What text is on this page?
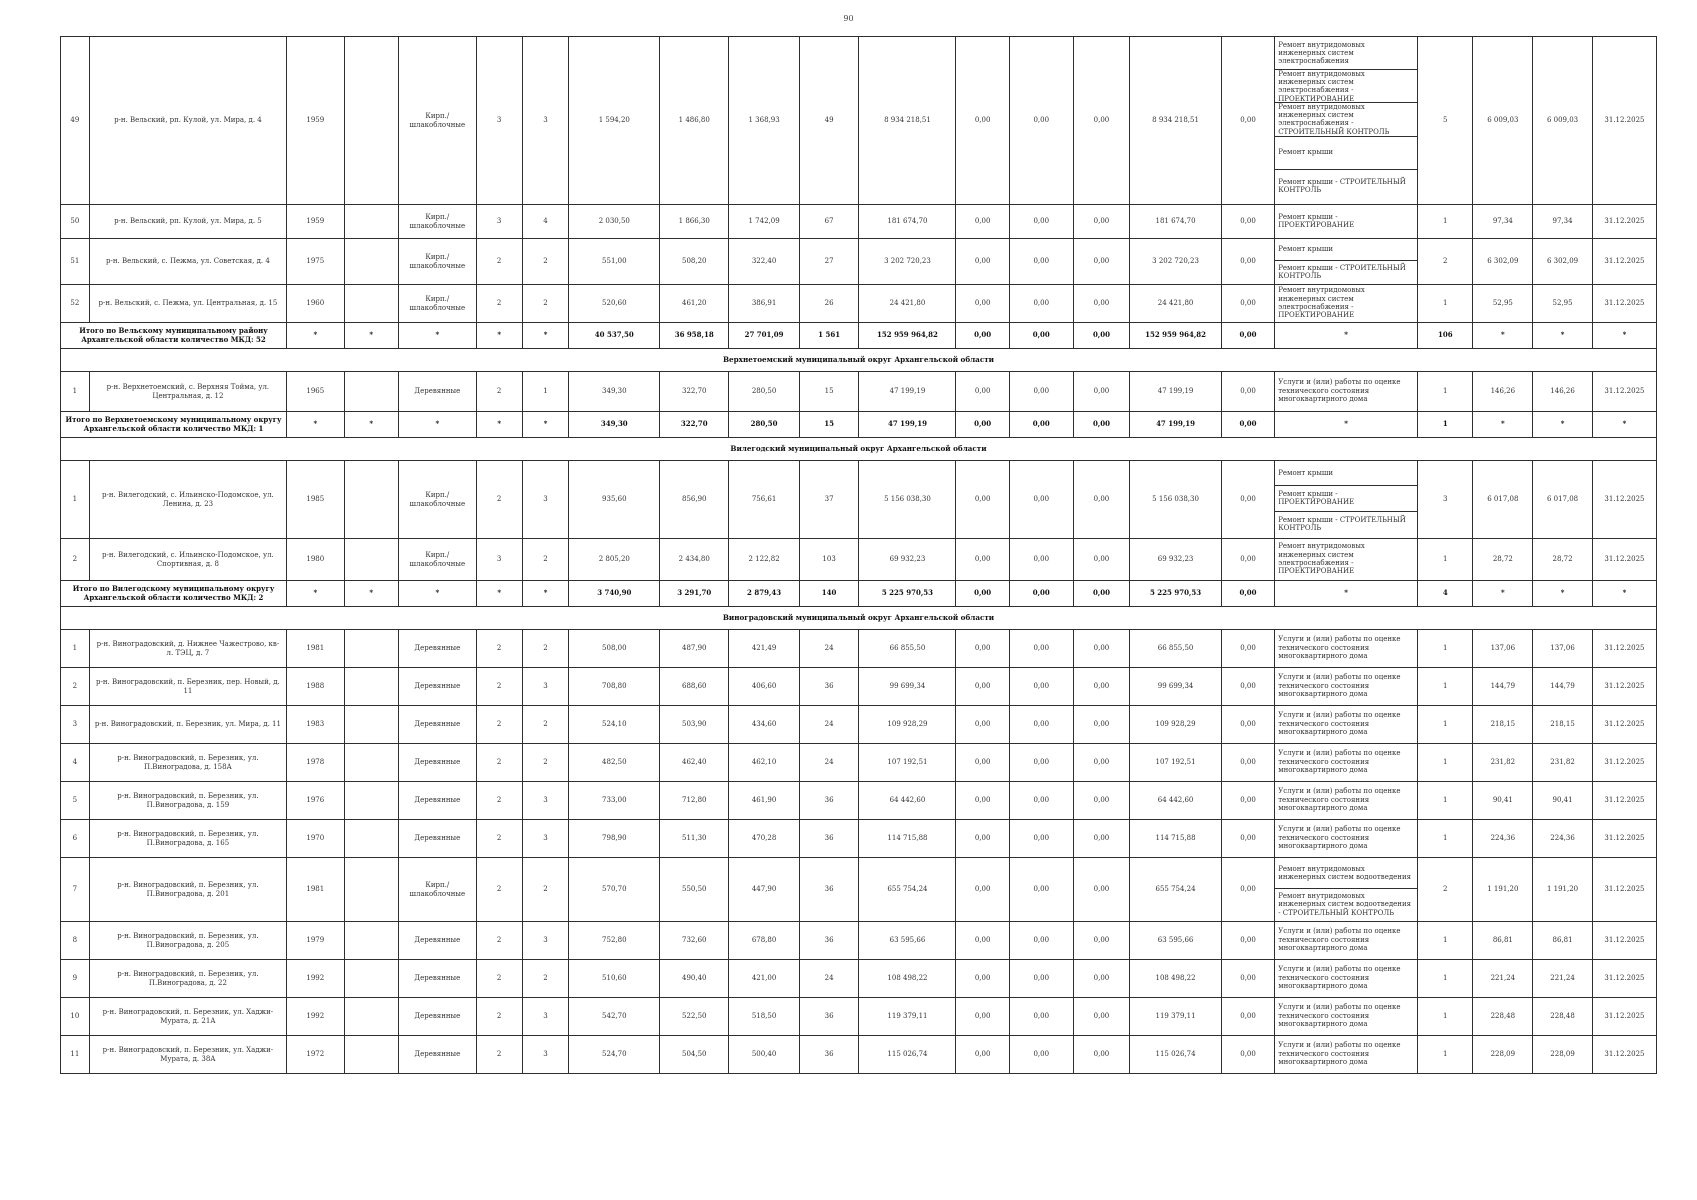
90
49	р-н. Вельский, рп. Кулой, ул. Мира, д. 4	1959		Кирп./ шлакоблочные	3	3	1 594,20	1 486,80	1 368,93	49	8 934 218,51	0,00	0,00	0,00	8 934 218,51	0,00	Ремонт внутридомовых инженерных систем электроснабжения
Ремонт внутридомовых инженерных систем электроснабжения - ПРОЕКТИРОВАНИЕ
Ремонт внутридомовых инженерных систем электроснабжения - СТРОИТЕЛЬНЫЙ КОНТРОЛЬ
Ремонт крыши
Ремонт крыши - СТРОИТЕЛЬНЫЙ КОНТРОЛЬ	5	6 009,03	6 009,03	31.12.2025
50	р-н. Вельский, рп. Кулой, ул. Мира, д. 5	1959		Кирп./ шлакоблочные	3	4	2 030,50	1 866,30	1 742,09	67	181 674,70	0,00	0,00	0,00	181 674,70	0,00	Ремонт крыши - ПРОЕКТИРОВАНИЕ	1	97,34	97,34	31.12.2025
51	р-н. Вельский, с. Пежма, ул. Советская, д. 4	1975		Кирп./ шлакоблочные	2	2	551,00	508,20	322,40	27	3 202 720,23	0,00	0,00	0,00	3 202 720,23	0,00	Ремонт крыши
Ремонт крыши - СТРОИТЕЛЬНЫЙ КОНТРОЛЬ	2	6 302,09	6 302,09	31.12.2025
52	р-н. Вельский, с. Пежма, ул. Центральная, д. 15	1960		Кирп./ шлакоблочные	2	2	520,60	461,20	386,91	26	24 421,80	0,00	0,00	0,00	24 421,80	0,00	Ремонт внутридомовых инженерных систем электроснабжения - ПРОЕКТИРОВАНИЕ	1	52,95	52,95	31.12.2025
Итого по Вельскому муниципальному району Архангельской области количество МКД: 52		*	*	*	*	*	40 537,50	36 958,18	27 701,09	1 561	152 959 964,82	0,00	0,00	0,00	152 959 964,82	0,00	*	106	*	*	*
Верхнетоемский муниципальный округ Архангельской области																					
1	р-н. Верхнетоемский, с. Верхняя Тойма, ул. Центральная, д. 12	1965		Деревянные	2	1	349,30	322,70	280,50	15	47 199,19	0,00	0,00	0,00	47 199,19	0,00	Услуги и (или) работы по оценке технического состояния многоквартирного дома	1	146,26	146,26	31.12.2025
Итого по Верхнетоемскому муниципальному округу Архангельской области количество МКД: 1		*	*	*	*	*	349,30	322,70	280,50	15	47 199,19	0,00	0,00	0,00	47 199,19	0,00	*	1	*	*	*
Вилегодский муниципальный округ Архангельской области																					
1	р-н. Вилегодский, с. Ильинско-Подомское, ул. Ленина, д. 23	1985		Кирп./ шлакоблочные	2	3	935,60	856,90	756,61	37	5 156 038,30	0,00	0,00	0,00	5 156 038,30	0,00	Ремонт крыши
Ремонт крыши - ПРОЕКТИРОВАНИЕ
Ремонт крыши - СТРОИТЕЛЬНЫЙ КОНТРОЛЬ	3	6 017,08	6 017,08	31.12.2025
2	р-н. Вилегодский, с. Ильинско-Подомское, ул. Спортивная, д. 8	1980		Кирп./ шлакоблочные	3	2	2 805,20	2 434,80	2 122,82	103	69 932,23	0,00	0,00	0,00	69 932,23	0,00	Ремонт внутридомовых инженерных систем электроснабжения - ПРОЕКТИРОВАНИЕ	1	28,72	28,72	31.12.2025
Итого по Вилегодскому муниципальному округу Архангельской области количество МКД: 2		*	*	*	*	*	3 740,90	3 291,70	2 879,43	140	5 225 970,53	0,00	0,00	0,00	5 225 970,53	0,00	*	4	*	*	*
Виноградовский муниципальный округ Архангельской области																					
1	р-н. Виноградовский, д. Нижнее Чажестрово, кв-л. ТЭЦ, д. 7	1981		Деревянные	2	2	508,00	487,90	421,49	24	66 855,50	0,00	0,00	0,00	66 855,50	0,00	Услуги и (или) работы по оценке технического состояния многоквартирного дома	1	137,06	137,06	31.12.2025
2	р-н. Виноградовский, п. Березник, пер. Новый, д. 11	1988		Деревянные	2	3	708,80	688,60	406,60	36	99 699,34	0,00	0,00	0,00	99 699,34	0,00	Услуги и (или) работы по оценке технического состояния многоквартирного дома	1	144,79	144,79	31.12.2025
3	р-н. Виноградовский, п. Березник, ул. Мира, д. 11	1983		Деревянные	2	2	524,10	503,90	434,60	24	109 928,29	0,00	0,00	0,00	109 928,29	0,00	Услуги и (или) работы по оценке технического состояния многоквартирного дома	1	218,15	218,15	31.12.2025
4	р-н. Виноградовский, п. Березник, ул. П.Виноградова, д. 158А	1978		Деревянные	2	2	482,50	462,40	462,10	24	107 192,51	0,00	0,00	0,00	107 192,51	0,00	Услуги и (или) работы по оценке технического состояния многоквартирного дома	1	231,82	231,82	31.12.2025
5	р-н. Виноградовский, п. Березник, ул. П.Виноградова, д. 159	1976		Деревянные	2	3	733,00	712,80	461,90	36	64 442,60	0,00	0,00	0,00	64 442,60	0,00	Услуги и (или) работы по оценке технического состояния многоквартирного дома	1	90,41	90,41	31.12.2025
6	р-н. Виноградовский, п. Березник, ул. П.Виноградова, д. 165	1970		Деревянные	2	3	798,90	511,30	470,28	36	114 715,88	0,00	0,00	0,00	114 715,88	0,00	Услуги и (или) работы по оценке технического состояния многоквартирного дома	1	224,36	224,36	31.12.2025
7	р-н. Виноградовский, п. Березник, ул. П.Виноградова, д. 201	1981		Кирп./ шлакоблочные	2	2	570,70	550,50	447,90	36	655 754,24	0,00	0,00	0,00	655 754,24	0,00	Ремонт внутридомовых инженерных систем водоотведения
Ремонт внутридомовых инженерных систем водоотведения - СТРОИТЕЛЬНЫЙ КОНТРОЛЬ	2	1 191,20	1 191,20	31.12.2025
8	р-н. Виноградовский, п. Березник, ул. П.Виноградова, д. 205	1979		Деревянные	2	3	752,80	732,60	678,80	36	63 595,66	0,00	0,00	0,00	63 595,66	0,00	Услуги и (или) работы по оценке технического состояния многоквартирного дома	1	86,81	86,81	31.12.2025
9	р-н. Виноградовский, п. Березник, ул. П.Виноградова, д. 22	1992		Деревянные	2	2	510,60	490,40	421,00	24	108 498,22	0,00	0,00	0,00	108 498,22	0,00	Услуги и (или) работы по оценке технического состояния многоквартирного дома	1	221,24	221,24	31.12.2025
10	р-н. Виноградовский, п. Березник, ул. Хаджи-Мурата, д. 21А	1992		Деревянные	2	3	542,70	522,50	518,50	36	119 379,11	0,00	0,00	0,00	119 379,11	0,00	Услуги и (или) работы по оценке технического состояния многоквартирного дома	1	228,48	228,48	31.12.2025
11	р-н. Виноградовский, п. Березник, ул. Хаджи-Мурата, д. 38А	1972		Деревянные	2	3	524,70	504,50	500,40	36	115 026,74	0,00	0,00	0,00	115 026,74	0,00	Услуги и (или) работы по оценке технического состояния многоквартирного дома	1	228,09	228,09	31.12.2025
